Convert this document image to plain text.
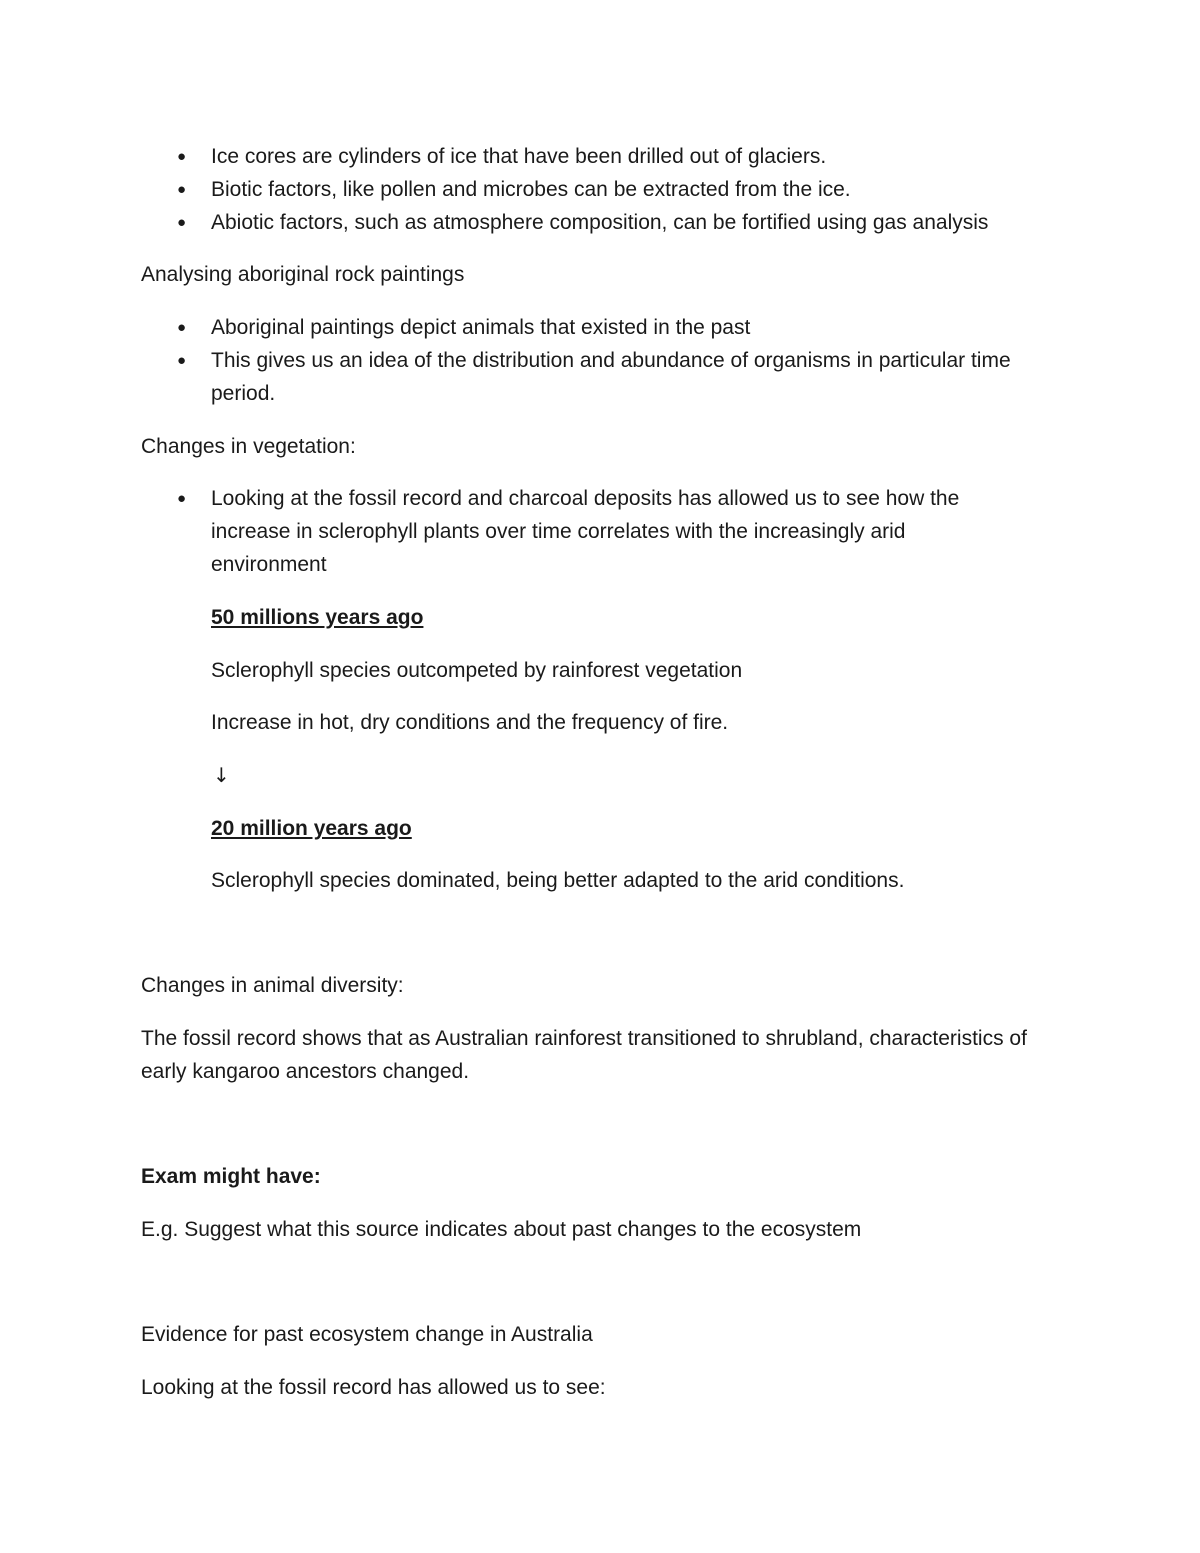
● Ice cores are cylinders of ice that have been drilled out of glaciers.
● Biotic factors, like pollen and microbes can be extracted from the ice.
● Abiotic factors, such as atmosphere composition, can be fortified using gas analysis
Analysing aboriginal rock paintings
● Aboriginal paintings depict animals that existed in the past
● This gives us an idea of the distribution and abundance of organisms in particular time period.
Changes in vegetation:
● Looking at the fossil record and charcoal deposits has allowed us to see how the increase in sclerophyll plants over time correlates with the increasingly arid environment
50 millions years ago
Sclerophyll species outcompeted by rainforest vegetation
Increase in hot, dry conditions and the frequency of fire.
↓
20 million years ago
Sclerophyll species dominated, being better adapted to the arid conditions.
Changes in animal diversity:
The fossil record shows that as Australian rainforest transitioned to shrubland, characteristics of
early kangaroo ancestors changed.
Exam might have:
E.g. Suggest what this source indicates about past changes to the ecosystem
Evidence for past ecosystem change in Australia
Looking at the fossil record has allowed us to see:
